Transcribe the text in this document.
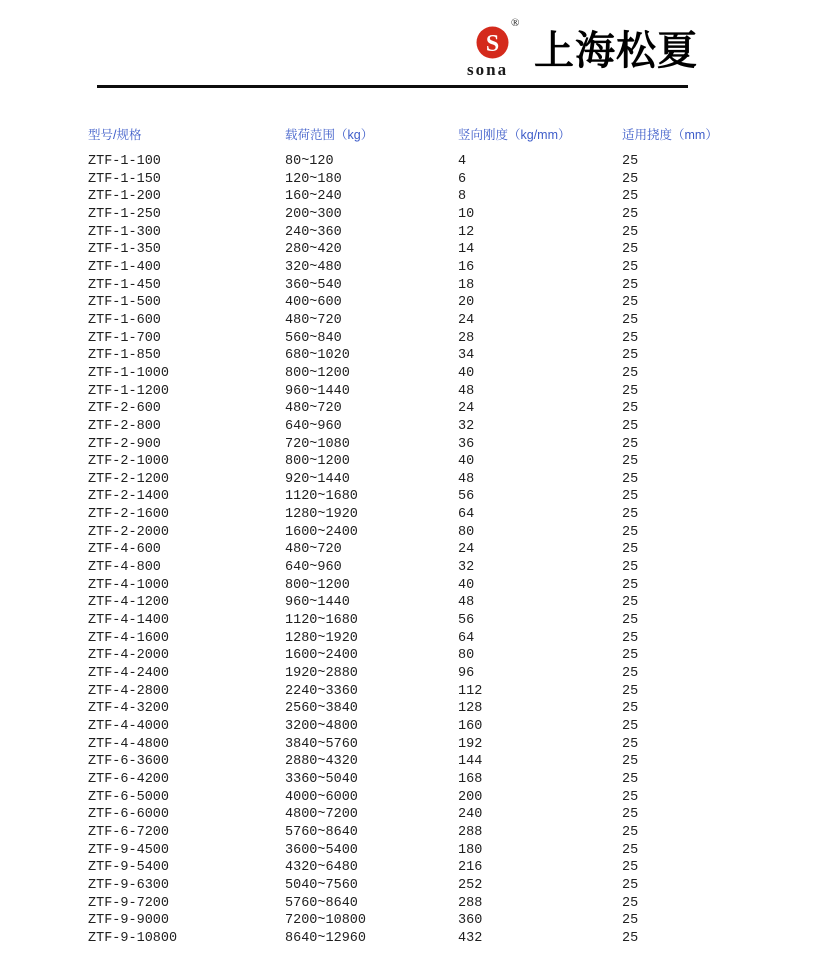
S
®
sona 上海松夏
型号/规格	载荷范围（kg）	竖向刚度（kg/mm）	适用挠度（mm）
ZTF-1-100	80~120	4	25
ZTF-1-150	120~180	6	25
ZTF-1-200	160~240	8	25
ZTF-1-250	200~300	10	25
ZTF-1-300	240~360	12	25
ZTF-1-350	280~420	14	25
ZTF-1-400	320~480	16	25
ZTF-1-450	360~540	18	25
ZTF-1-500	400~600	20	25
ZTF-1-600	480~720	24	25
ZTF-1-700	560~840	28	25
ZTF-1-850	680~1020	34	25
ZTF-1-1000	800~1200	40	25
ZTF-1-1200	960~1440	48	25
ZTF-2-600	480~720	24	25
ZTF-2-800	640~960	32	25
ZTF-2-900	720~1080	36	25
ZTF-2-1000	800~1200	40	25
ZTF-2-1200	920~1440	48	25
ZTF-2-1400	1120~1680	56	25
ZTF-2-1600	1280~1920	64	25
ZTF-2-2000	1600~2400	80	25
ZTF-4-600	480~720	24	25
ZTF-4-800	640~960	32	25
ZTF-4-1000	800~1200	40	25
ZTF-4-1200	960~1440	48	25
ZTF-4-1400	1120~1680	56	25
ZTF-4-1600	1280~1920	64	25
ZTF-4-2000	1600~2400	80	25
ZTF-4-2400	1920~2880	96	25
ZTF-4-2800	2240~3360	112	25
ZTF-4-3200	2560~3840	128	25
ZTF-4-4000	3200~4800	160	25
ZTF-4-4800	3840~5760	192	25
ZTF-6-3600	2880~4320	144	25
ZTF-6-4200	3360~5040	168	25
ZTF-6-5000	4000~6000	200	25
ZTF-6-6000	4800~7200	240	25
ZTF-6-7200	5760~8640	288	25
ZTF-9-4500	3600~5400	180	25
ZTF-9-5400	4320~6480	216	25
ZTF-9-6300	5040~7560	252	25
ZTF-9-7200	5760~8640	288	25
ZTF-9-9000	7200~10800	360	25
ZTF-9-10800	8640~12960	432	25
